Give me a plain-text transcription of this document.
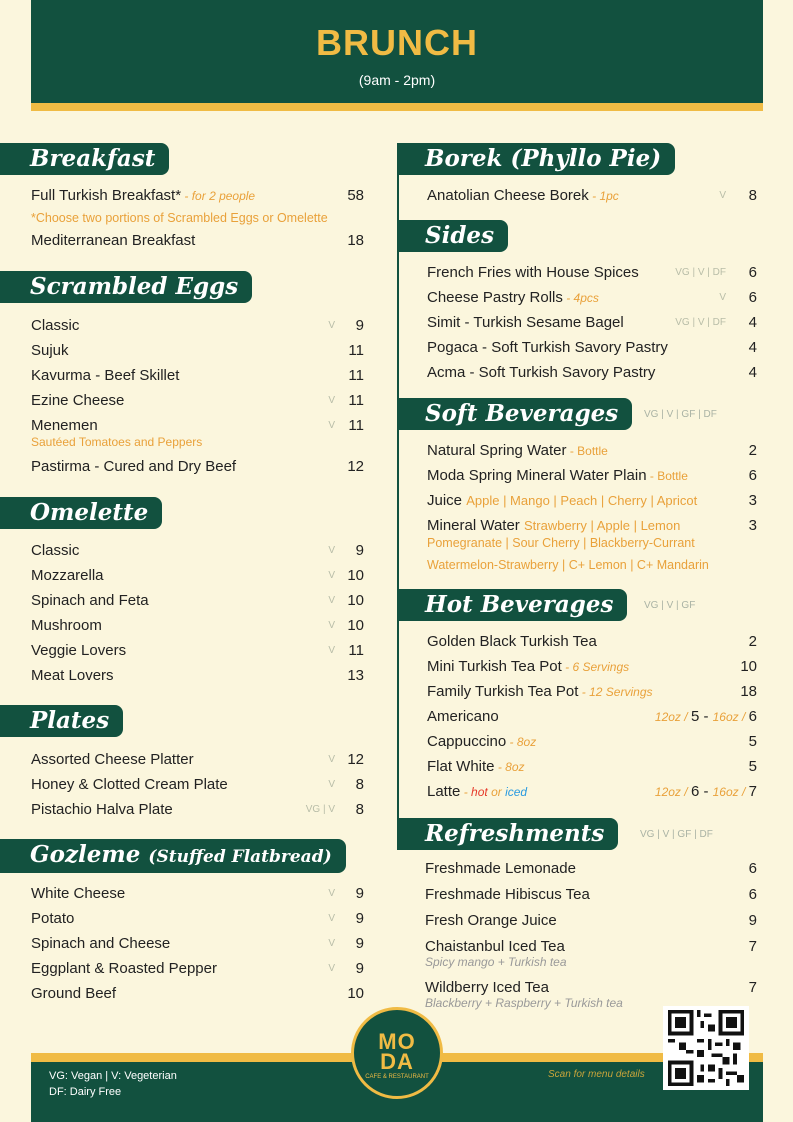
BRUNCH
(9am - 2pm)
Breakfast
Full Turkish Breakfast* - for 2 people	58
*Choose two portions of Scrambled Eggs or Omelette
Mediterranean Breakfast	18
Scrambled Eggs
Classic	V 9
Sujuk	11
Kavurma - Beef Skillet	11
Ezine Cheese	V 11
Menemen	V 11
Sautéed Tomatoes and Peppers
Pastirma - Cured and Dry Beef	12
Omelette
Classic	V 9
Mozzarella	V 10
Spinach and Feta	V 10
Mushroom	V 10
Veggie Lovers	V 11
Meat Lovers	13
Plates
Assorted Cheese Platter	V 12
Honey & Clotted Cream Plate	V 8
Pistachio Halva Plate	VG | V 8
Gozleme (Stuffed Flatbread)
White Cheese	V 9
Potato	V 9
Spinach and Cheese	V 9
Eggplant & Roasted Pepper	V 9
Ground Beef	10
Borek (Phyllo Pie)
Anatolian Cheese Borek - 1pc	V 8
Sides
French Fries with House Spices	VG | V | DF 6
Cheese Pastry Rolls - 4pcs	V 6
Simit - Turkish Sesame Bagel	VG | V | DF 4
Pogaca - Soft Turkish Savory Pastry	4
Acma - Soft Turkish Savory Pastry	4
Soft Beverages	VG | V | GF | DF
Natural Spring Water - Bottle	2
Moda Spring Mineral Water Plain - Bottle	6
Juice Apple | Mango | Peach | Cherry | Apricot	3
Mineral Water Strawberry | Apple | Lemon	3
Pomegranate | Sour Cherry | Blackberry-Currant
Watermelon-Strawberry | C+ Lemon | C+ Mandarin
Hot Beverages	VG | V | GF
Golden Black Turkish Tea	2
Mini Turkish Tea Pot - 6 Servings	10
Family Turkish Tea Pot - 12 Servings	18
Americano	12oz / 5 - 16oz / 6
Cappuccino - 8oz	5
Flat White - 8oz	5
Latte - hot or iced	12oz / 6 - 16oz / 7
Refreshments	VG | V | GF | DF
Freshmade Lemonade	6
Freshmade Hibiscus Tea	6
Fresh Orange Juice	9
Chaistanbul Iced Tea	7
Spicy mango + Turkish tea
Wildberry Iced Tea	7
Blackberry + Raspberry + Turkish tea
VG: Vegan | V: Vegeterian
DF: Dairy Free
Scan for menu details
MO
DA
CAFE & RESTAURANT
